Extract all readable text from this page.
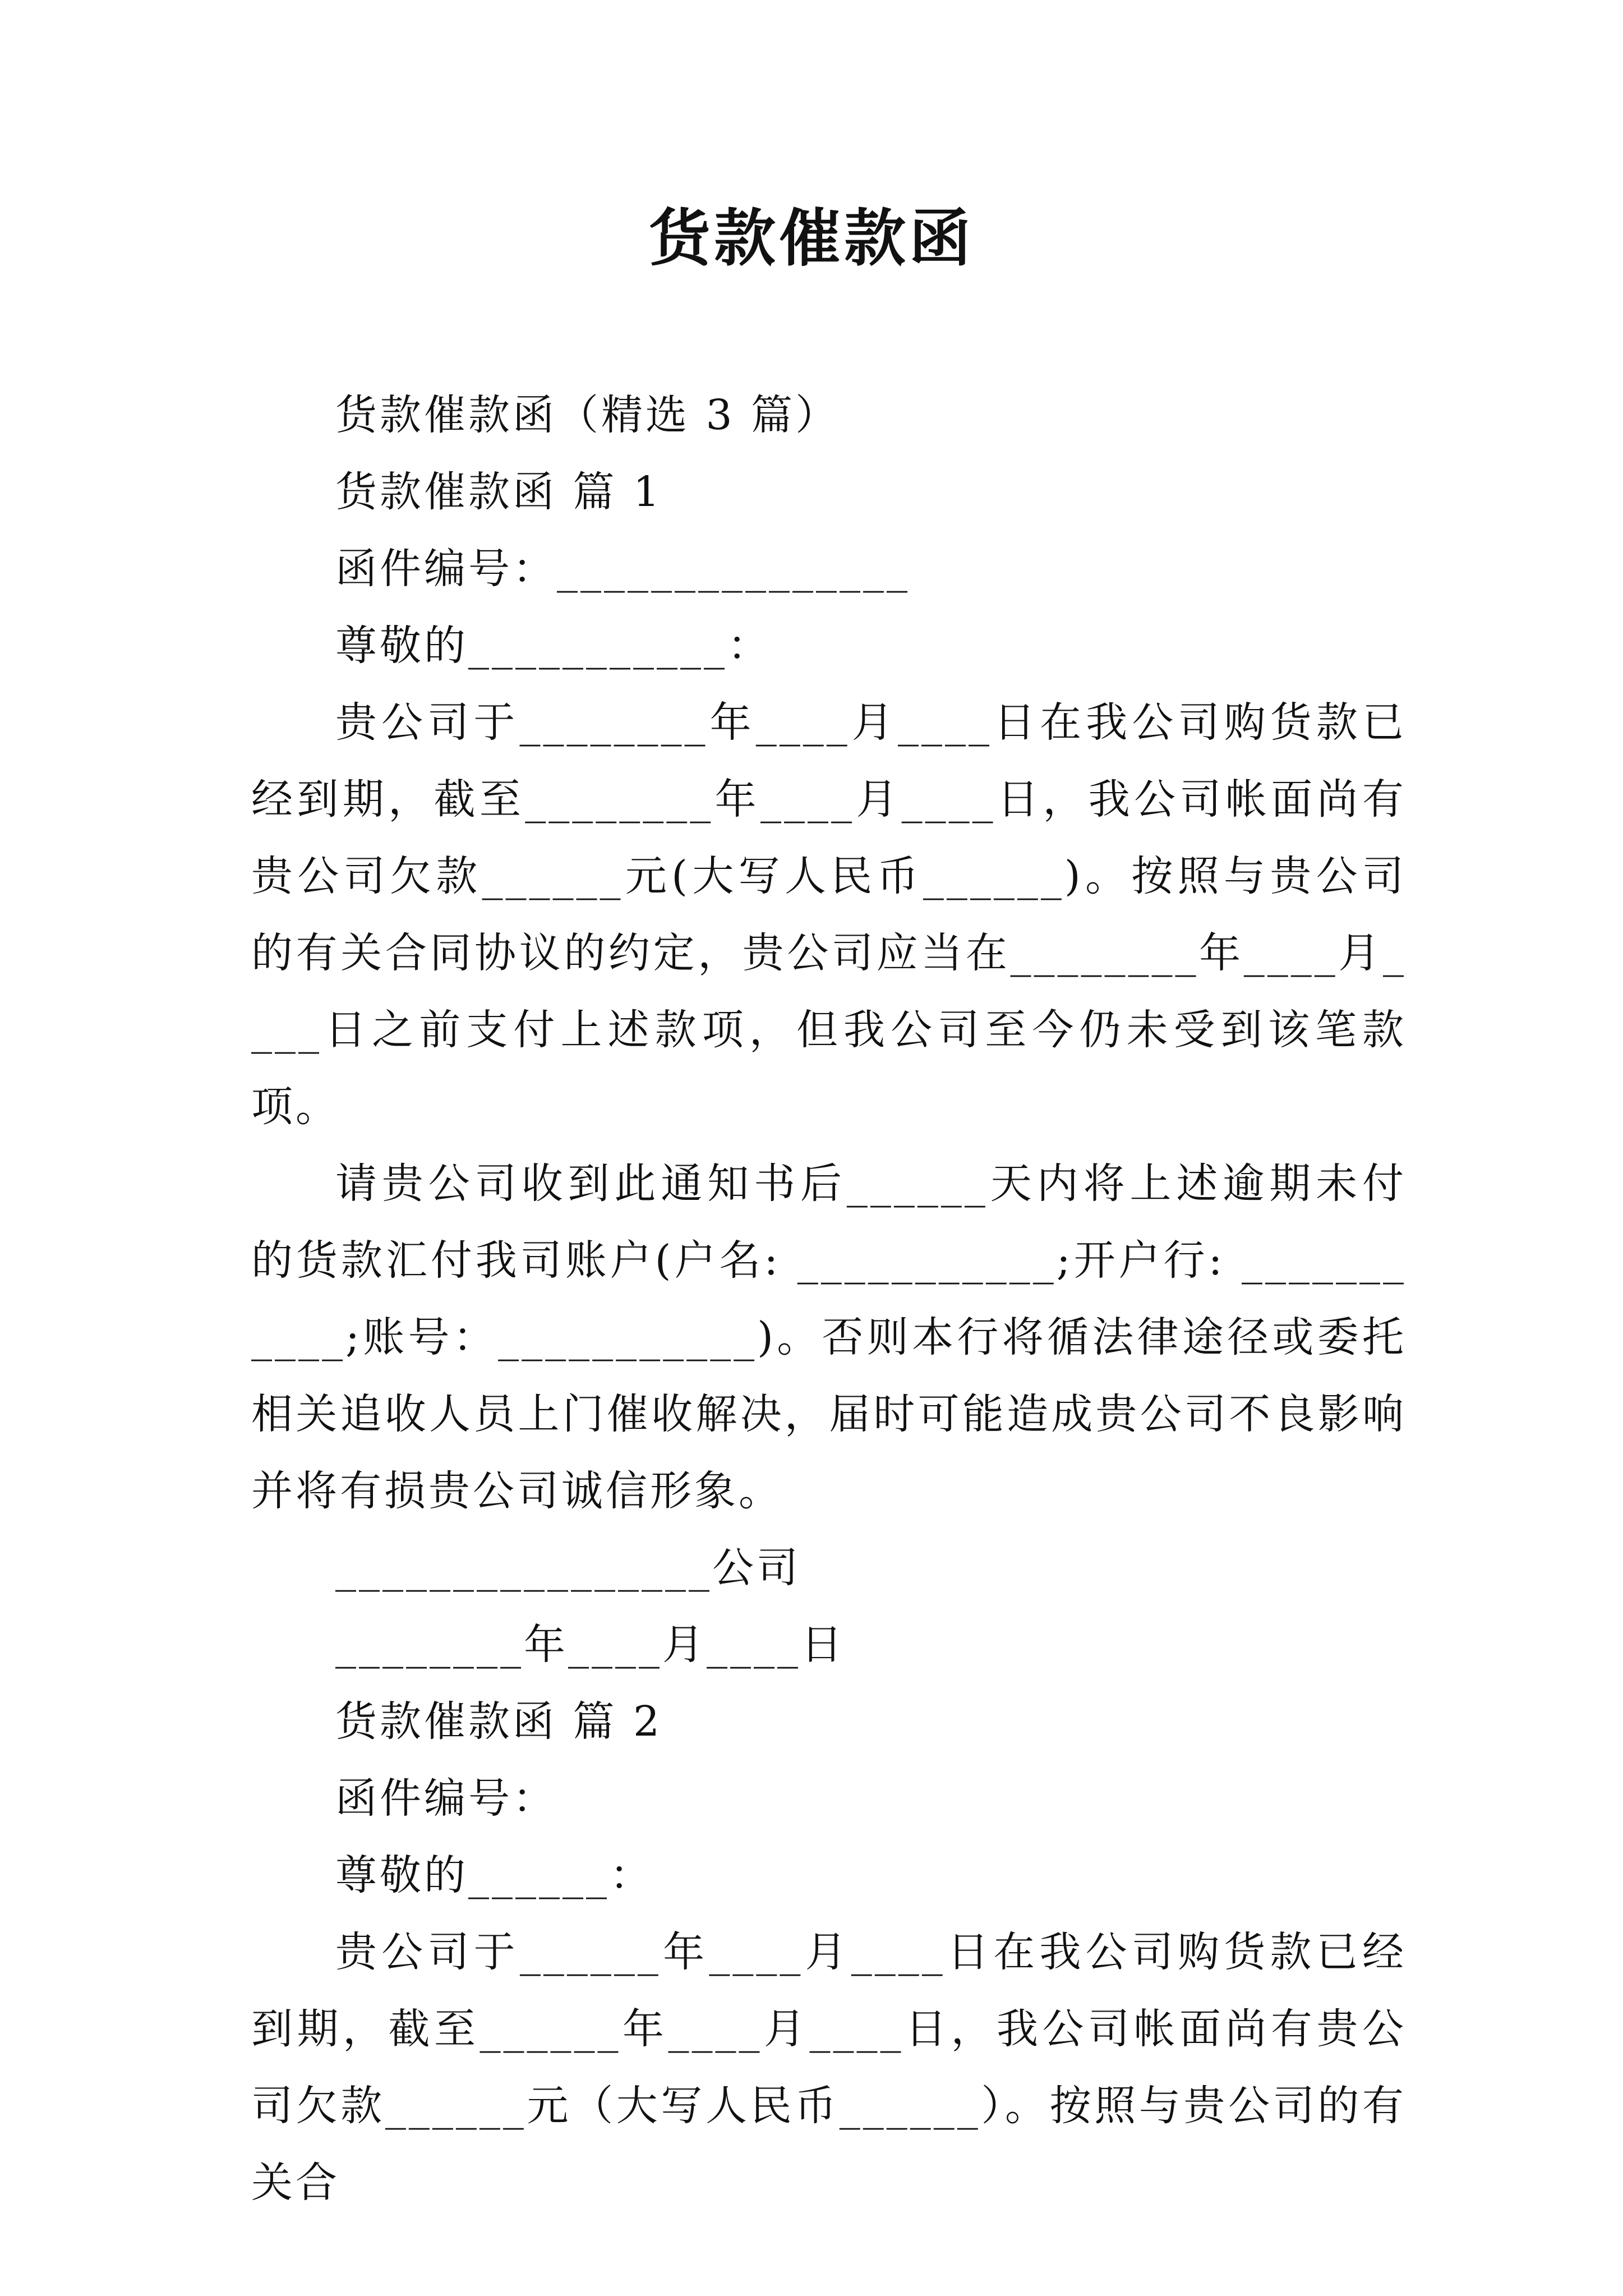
货款催款函

货款催款函（精选 3 篇）

货款催款函 篇 1

函件编号：_______________

尊敬的___________：

贵公司于________年____月____日在我公司购货款已经到期，截至________年____月____日，我公司帐面尚有贵公司欠款______元(大写人民币______)。按照与贵公司的有关合同协议的约定，贵公司应当在________年____月____日之前支付上述款项，但我公司至今仍未受到该笔款项。

请贵公司收到此通知书后______天内将上述逾期未付的货款汇付我司账户(户名: ___________;开户行: ___________;账号：___________)。否则本行将循法律途径或委托相关追收人员上门催收解决，届时可能造成贵公司不良影响并将有损贵公司诚信形象。

________________公司

________年____月____日

货款催款函 篇 2

函件编号：

尊敬的______：

贵公司于______年____月____日在我公司购货款已经到期，截至______年____月____日，我公司帐面尚有贵公司欠款______元（大写人民币______）。按照与贵公司的有关合
